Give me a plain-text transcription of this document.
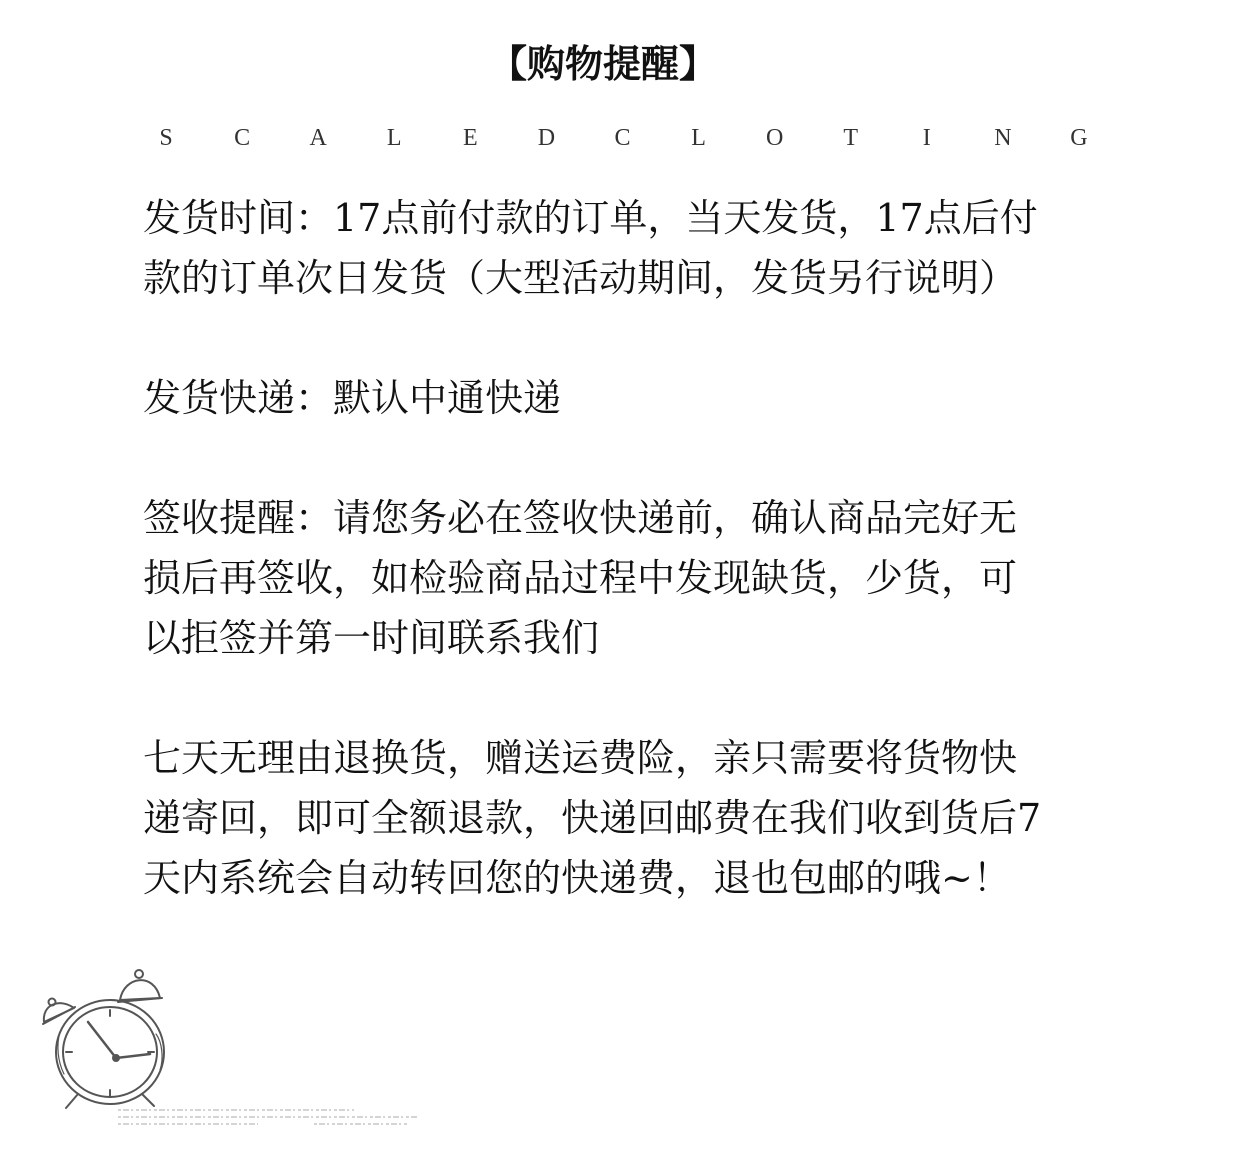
【购物提醒】
S	C A	L	E	D C	L	O	T	I	N G
发货时间：17点前付款的订单，当天发货，17点后付
款的订单次日发货（大型活动期间，发货另行说明）
发货快递：默认中通快递
签收提醒：请您务必在签收快递前，确认商品完好无
损后再签收，如检验商品过程中发现缺货，少货，可
以拒签并第一时间联系我们
七天无理由退换货，赠送运费险，亲只需要将货物快
递寄回，即可全额退款，快递回邮费在我们收到货后7
天内系统会自动转回您的快递费，退也包邮的哦~！
